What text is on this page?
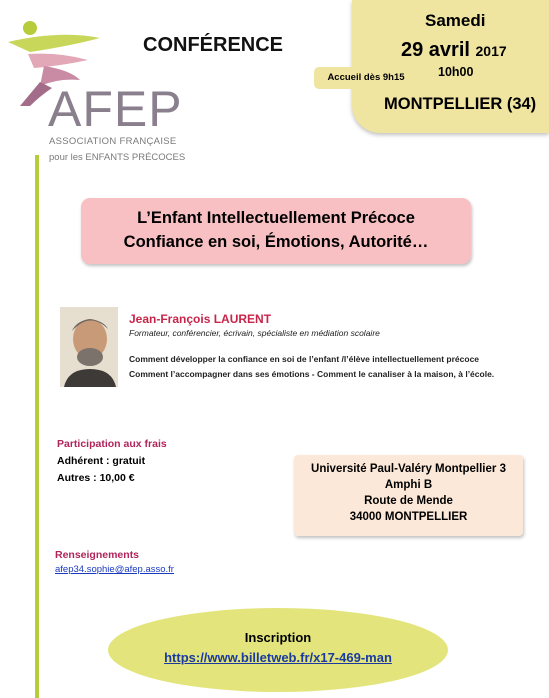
AFEP
ASSOCIATION FRANÇAISE
pour les ENFANTS PRÉCOCES
CONFÉRENCE
Samedi
29 avril 2017
10h00
MONTPELLIER (34)
Accueil dès 9h15
L’Enfant Intellectuellement Précoce
Confiance en soi, Émotions, Autorité…
Jean-François LAURENT
Formateur, conférencier, écrivain, spécialiste en médiation scolaire
Comment développer la confiance en soi de l’enfant /l’élève intellectuellement précoce
Comment l’accompagner dans ses émotions - Comment le canaliser à la maison, à l’école.
Participation aux frais
Adhérent : gratuit
Autres : 10,00 €
Université Paul-Valéry Montpellier 3
Amphi B
Route de Mende
34000 MONTPELLIER
Renseignements
afep34.sophie@afep.asso.fr
Inscription
https://www.billetweb.fr/x17-469-man
